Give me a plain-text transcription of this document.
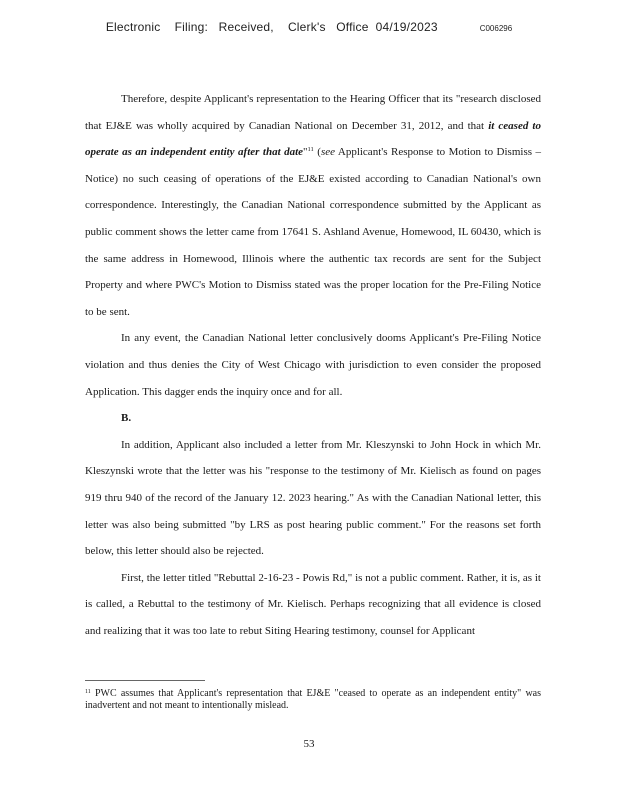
Electronic    Filing:   Received,    Clerk's   Office  04/19/2023	C006296

Therefore, despite Applicant's representation to the Hearing Officer that its "research disclosed that EJ&E was wholly acquired by Canadian National on December 31, 2012, and that it ceased to operate as an independent entity after that date"$^{11}$ (see Applicant's Response to Motion to Dismiss – Notice) no such ceasing of operations of the EJ&E existed according to Canadian National's own correspondence. Interestingly, the Canadian National correspondence submitted by the Applicant as public comment shows the letter came from 17641 S. Ashland Avenue, Homewood, IL 60430, which is the same address in Homewood, Illinois where the authentic tax records are sent for the Subject Property and where PWC's Motion to Dismiss stated was the proper location for the Pre-Filing Notice to be sent.

In any event, the Canadian National letter conclusively dooms Applicant's Pre-Filing Notice violation and thus denies the City of West Chicago with jurisdiction to even consider the proposed Application. This dagger ends the inquiry once and for all.

B.

In addition, Applicant also included a letter from Mr. Kleszynski to John Hock in which Mr. Kleszynski wrote that the letter was his "response to the testimony of Mr. Kielisch as found on pages 919 thru 940 of the record of the January 12. 2023 hearing." As with the Canadian National letter, this letter was also being submitted "by LRS as post hearing public comment." For the reasons set forth below, this letter should also be rejected.

First, the letter titled "Rebuttal 2-16-23 - Powis Rd," is not a public comment. Rather, it is, as it is called, a Rebuttal to the testimony of Mr. Kielisch. Perhaps recognizing that all evidence is closed and realizing that it was too late to rebut Siting Hearing testimony, counsel for Applicant

$^{11}$ PWC assumes that Applicant's representation that EJ&E "ceased to operate as an independent entity" was inadvertent and not meant to intentionally mislead.
53
